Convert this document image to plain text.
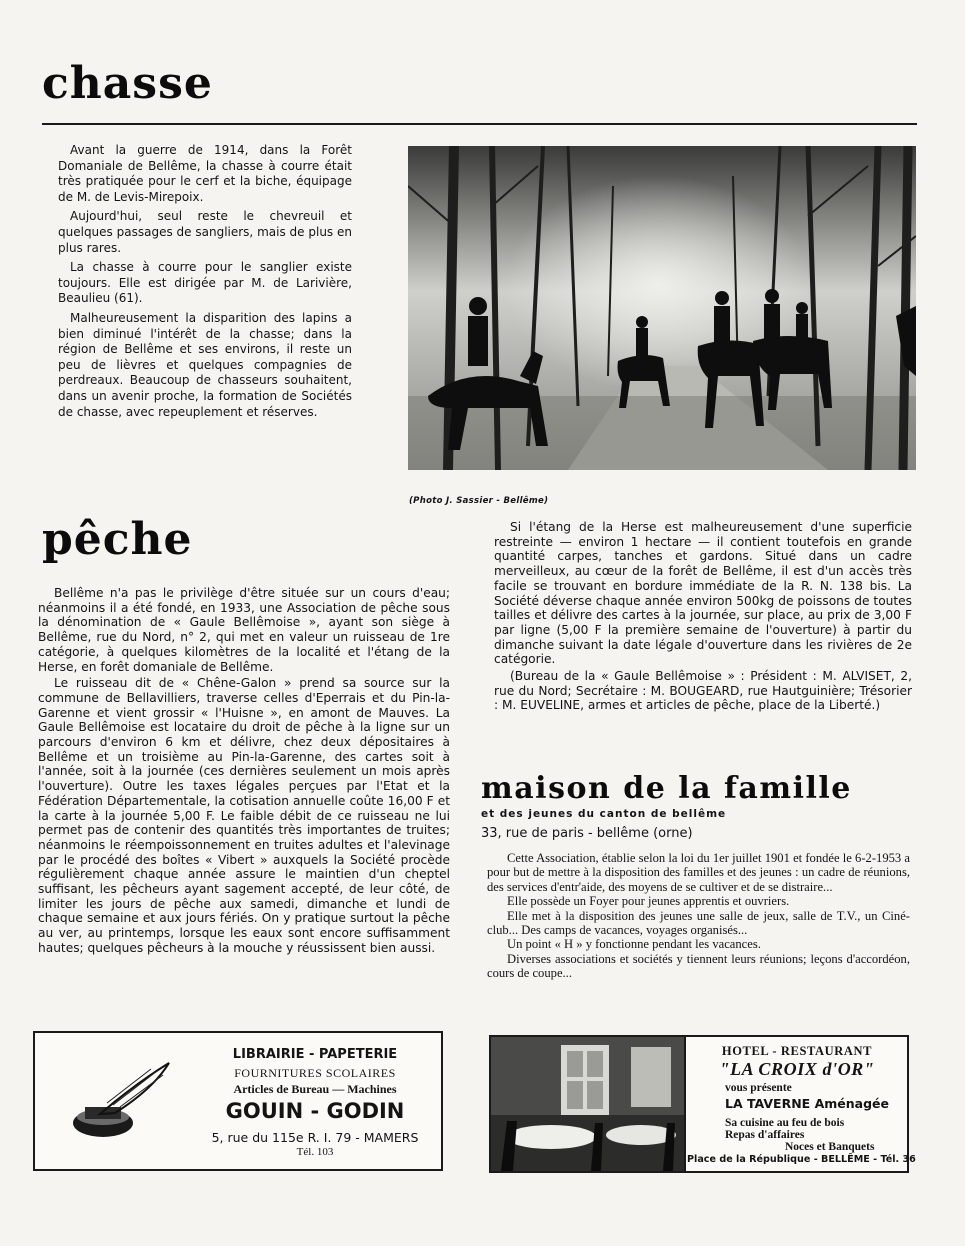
chasse

Avant la guerre de 1914, dans la Forêt Domaniale de Bellême, la chasse à courre était très pratiquée pour le cerf et la biche, équipage de M. de Levis-Mirepoix.

Aujourd'hui, seul reste le chevreuil et quelques passages de sangliers, mais de plus en plus rares.

La chasse à courre pour le sanglier existe toujours. Elle est dirigée par M. de Larivière, Beaulieu (61).

Malheureusement la disparition des lapins a bien diminué l'intérêt de la chasse; dans la région de Bellême et ses environs, il reste un peu de lièvres et quelques compagnies de perdreaux. Beaucoup de chasseurs souhaitent, dans un avenir proche, la formation de Sociétés de chasse, avec repeuplement et réserves.

(Photo J. Sassier - Bellême)
pêche

Bellême n'a pas le privilège d'être située sur un cours d'eau; néanmoins il a été fondé, en 1933, une Association de pêche sous la dénomination de « Gaule Bellêmoise », ayant son siège à Bellême, rue du Nord, n° 2, qui met en valeur un ruisseau de 1re catégorie, à quelques kilomètres de la localité et l'étang de la Herse, en forêt domaniale de Bellême.

Le ruisseau dit de « Chêne-Galon » prend sa source sur la commune de Bellavilliers, traverse celles d'Eperrais et du Pin-la-Garenne et vient grossir « l'Huisne », en amont de Mauves. La Gaule Bellêmoise est locataire du droit de pêche à la ligne sur un parcours d'environ 6 km et délivre, chez deux dépositaires à Bellême et un troisième au Pin-la-Garenne, des cartes soit à l'année, soit à la journée (ces dernières seulement un mois après l'ouverture). Outre les taxes légales perçues par l'Etat et la Fédération Départementale, la cotisation annuelle coûte 16,00 F et la carte à la journée 5,00 F. Le faible débit de ce ruisseau ne lui permet pas de contenir des quantités très importantes de truites; néanmoins le réempoissonnement en truites adultes et l'alevinage par le procédé des boîtes « Vibert » auxquels la Société procède régulièrement chaque année assure le maintien d'un cheptel suffisant, les pêcheurs ayant sagement accepté, de leur côté, de limiter les jours de pêche aux samedi, dimanche et lundi de chaque semaine et aux jours fériés. On y pratique surtout la pêche au ver, au printemps, lorsque les eaux sont encore suffisamment hautes; quelques pêcheurs à la mouche y réussissent bien aussi.

Si l'étang de la Herse est malheureusement d'une superficie restreinte — environ 1 hectare — il contient toutefois en grande quantité carpes, tanches et gardons. Situé dans un cadre merveilleux, au cœur de la forêt de Bellême, il est d'un accès très facile se trouvant en bordure immédiate de la R. N. 138 bis. La Société déverse chaque année environ 500kg de poissons de toutes tailles et délivre des cartes à la journée, sur place, au prix de 3,00 F par ligne (5,00 F la première semaine de l'ouverture) à partir du dimanche suivant la date légale d'ouverture dans les rivières de 2e catégorie.

(Bureau de la « Gaule Bellêmoise » : Président : M. ALVISET, 2, rue du Nord; Secrétaire : M. BOUGEARD, rue Hautguinière; Trésorier : M. EUVELINE, armes et articles de pêche, place de la Liberté.)

maison de la famille
et des jeunes du canton de bellême
33, rue de paris - bellême (orne)

Cette Association, établie selon la loi du 1er juillet 1901 et fondée le 6-2-1953 a pour but de mettre à la disposition des familles et des jeunes : un cadre de réunions, des services d'entr'aide, des moyens de se cultiver et de se distraire...

Elle possède un Foyer pour jeunes apprentis et ouvriers.

Elle met à la disposition des jeunes une salle de jeux, salle de T.V., un Ciné-club... Des camps de vacances, voyages organisés...

Un point « H » y fonctionne pendant les vacances.

Diverses associations et sociétés y tiennent leurs réunions; leçons d'accordéon, cours de coupe...

LIBRAIRIE - PAPETERIE
FOURNITURES SCOLAIRES
Articles de Bureau — Machines
GOUIN - GODIN
5, rue du 115e R. I. 79 - MAMERS
Tél. 103
HOTEL - RESTAURANT
"LA CROIX d'OR"
vous présente
LA TAVERNE Aménagée
Sa cuisine au feu de bois
Repas d'affaires
Noces et Banquets
Place de la République - BELLÊME - Tél. 36
